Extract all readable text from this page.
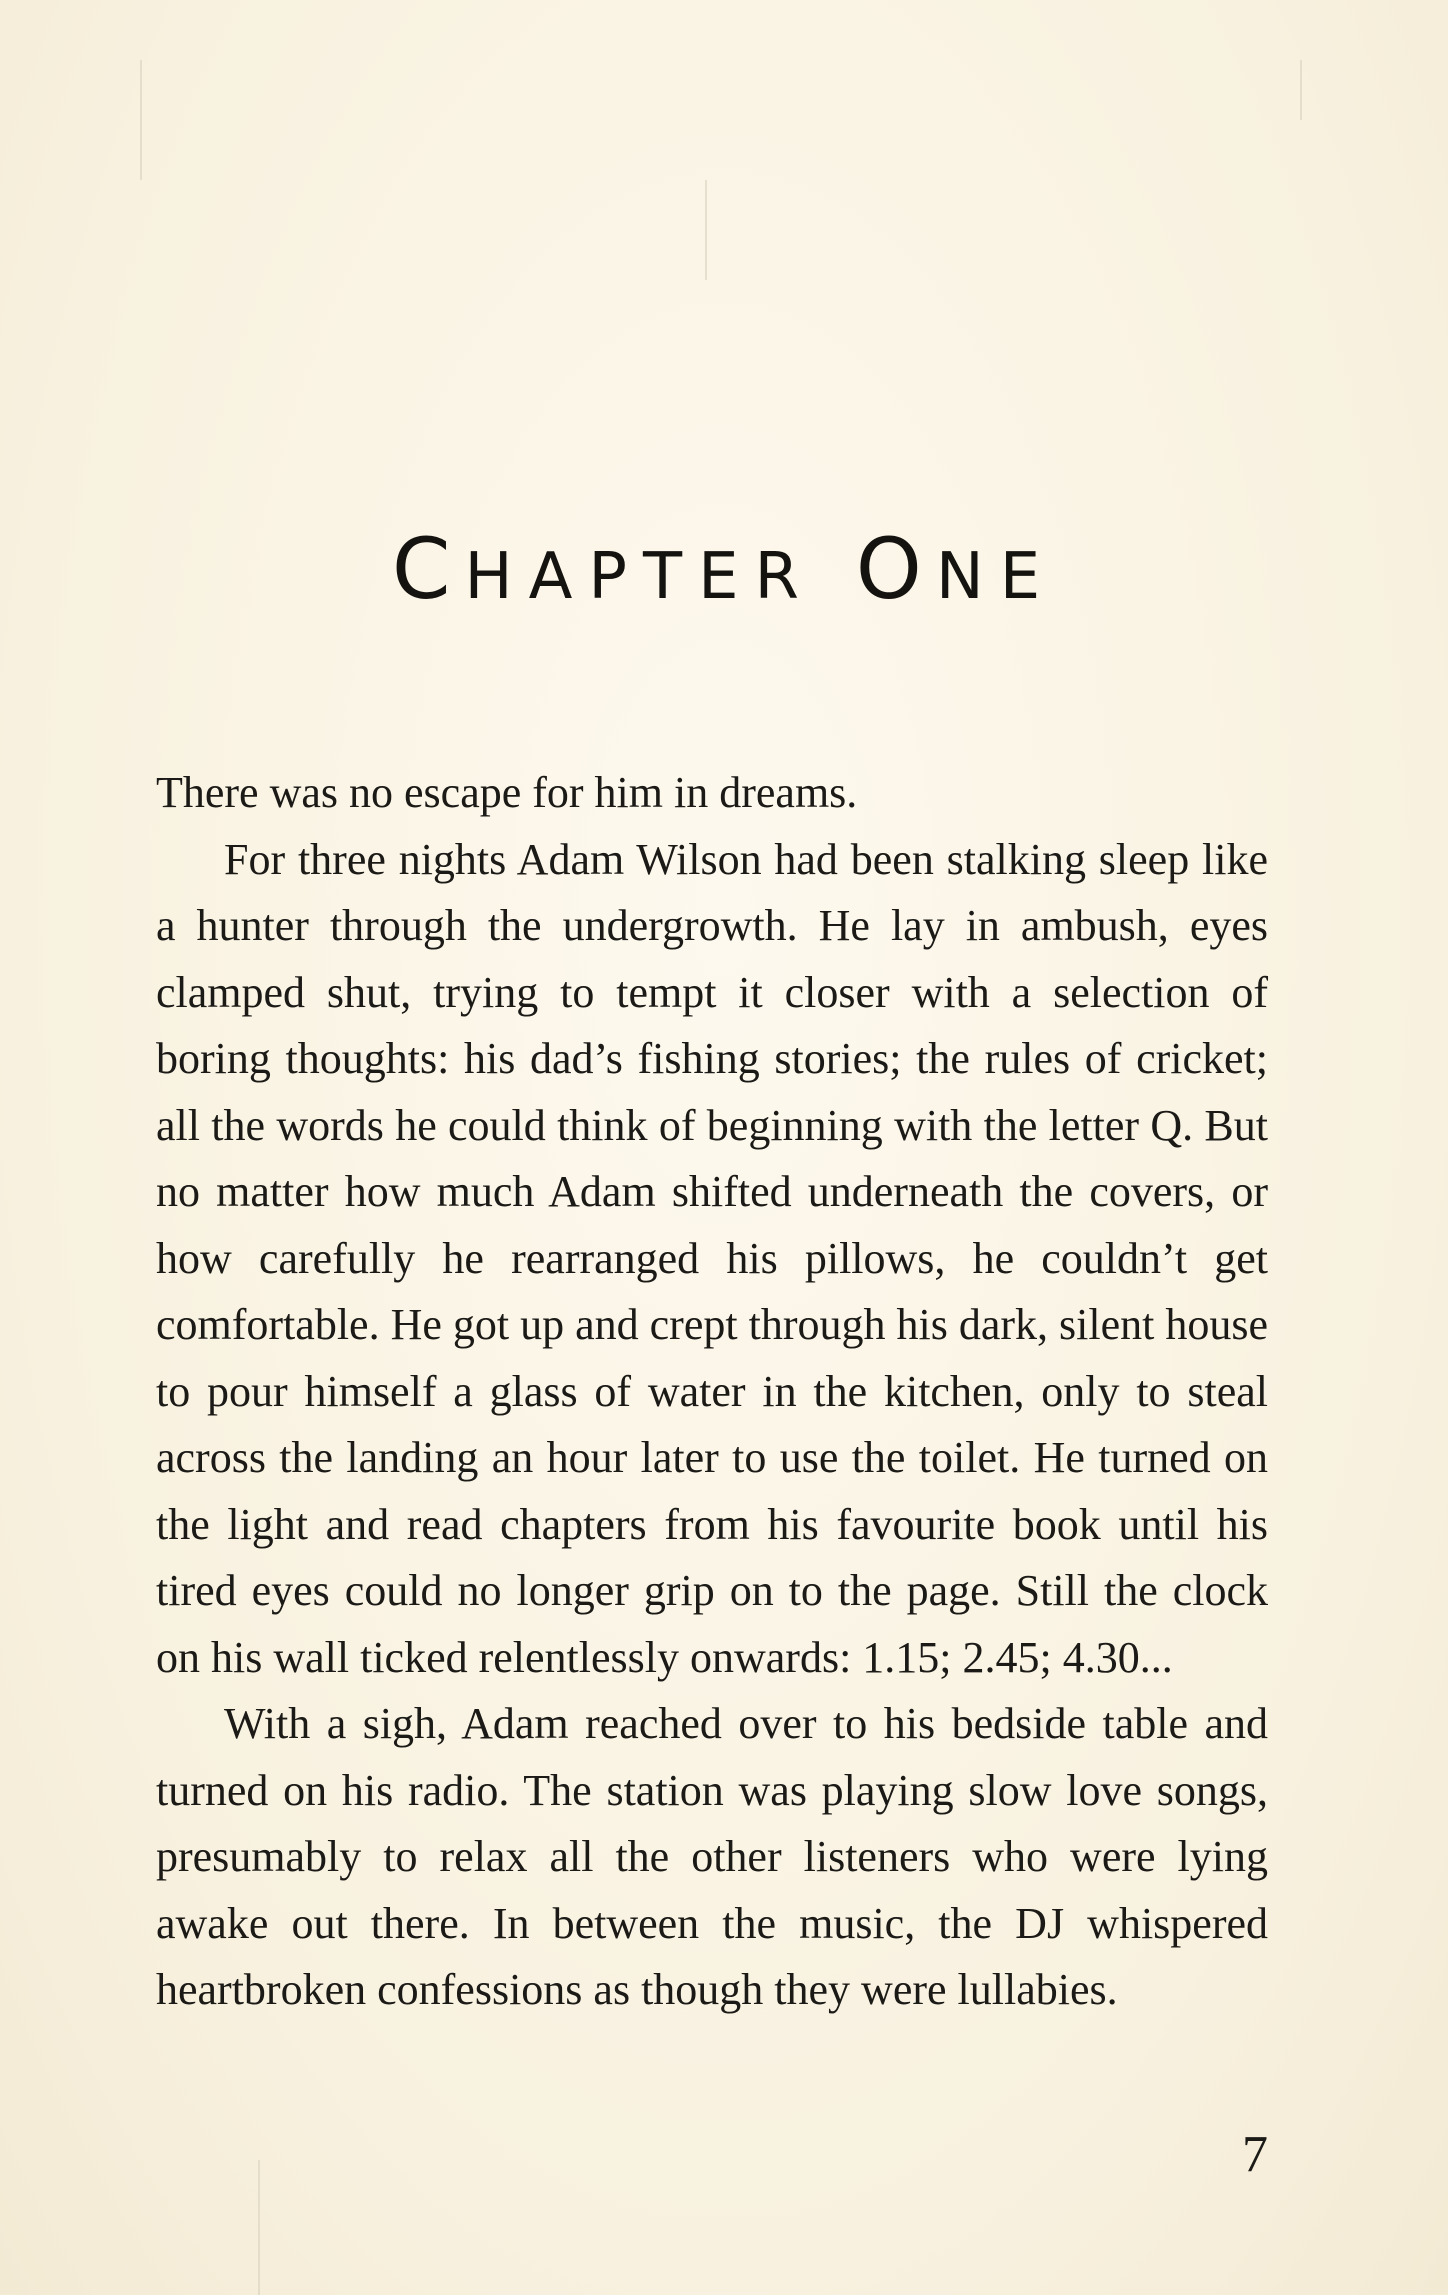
CHAPTER ONE

There was no escape for him in dreams.

For three nights Adam Wilson had been stalking sleep like a hunter through the undergrowth. He lay in ambush, eyes clamped shut, trying to tempt it closer with a selection of boring thoughts: his dad’s fishing stories; the rules of cricket; all the words he could think of beginning with the letter Q. But no matter how much Adam shifted underneath the covers, or how carefully he rearranged his pillows, he couldn’t get comfortable. He got up and crept through his dark, silent house to pour himself a glass of water in the kitchen, only to steal across the landing an hour later to use the toilet. He turned on the light and read chapters from his favourite book until his tired eyes could no longer grip on to the page. Still the clock on his wall ticked relentlessly onwards: 1.15; 2.45; 4.30...

With a sigh, Adam reached over to his bedside table and turned on his radio. The station was playing slow love songs, presumably to relax all the other listeners who were lying awake out there. In between the music, the DJ whispered heartbroken confessions as though they were lullabies.

7
